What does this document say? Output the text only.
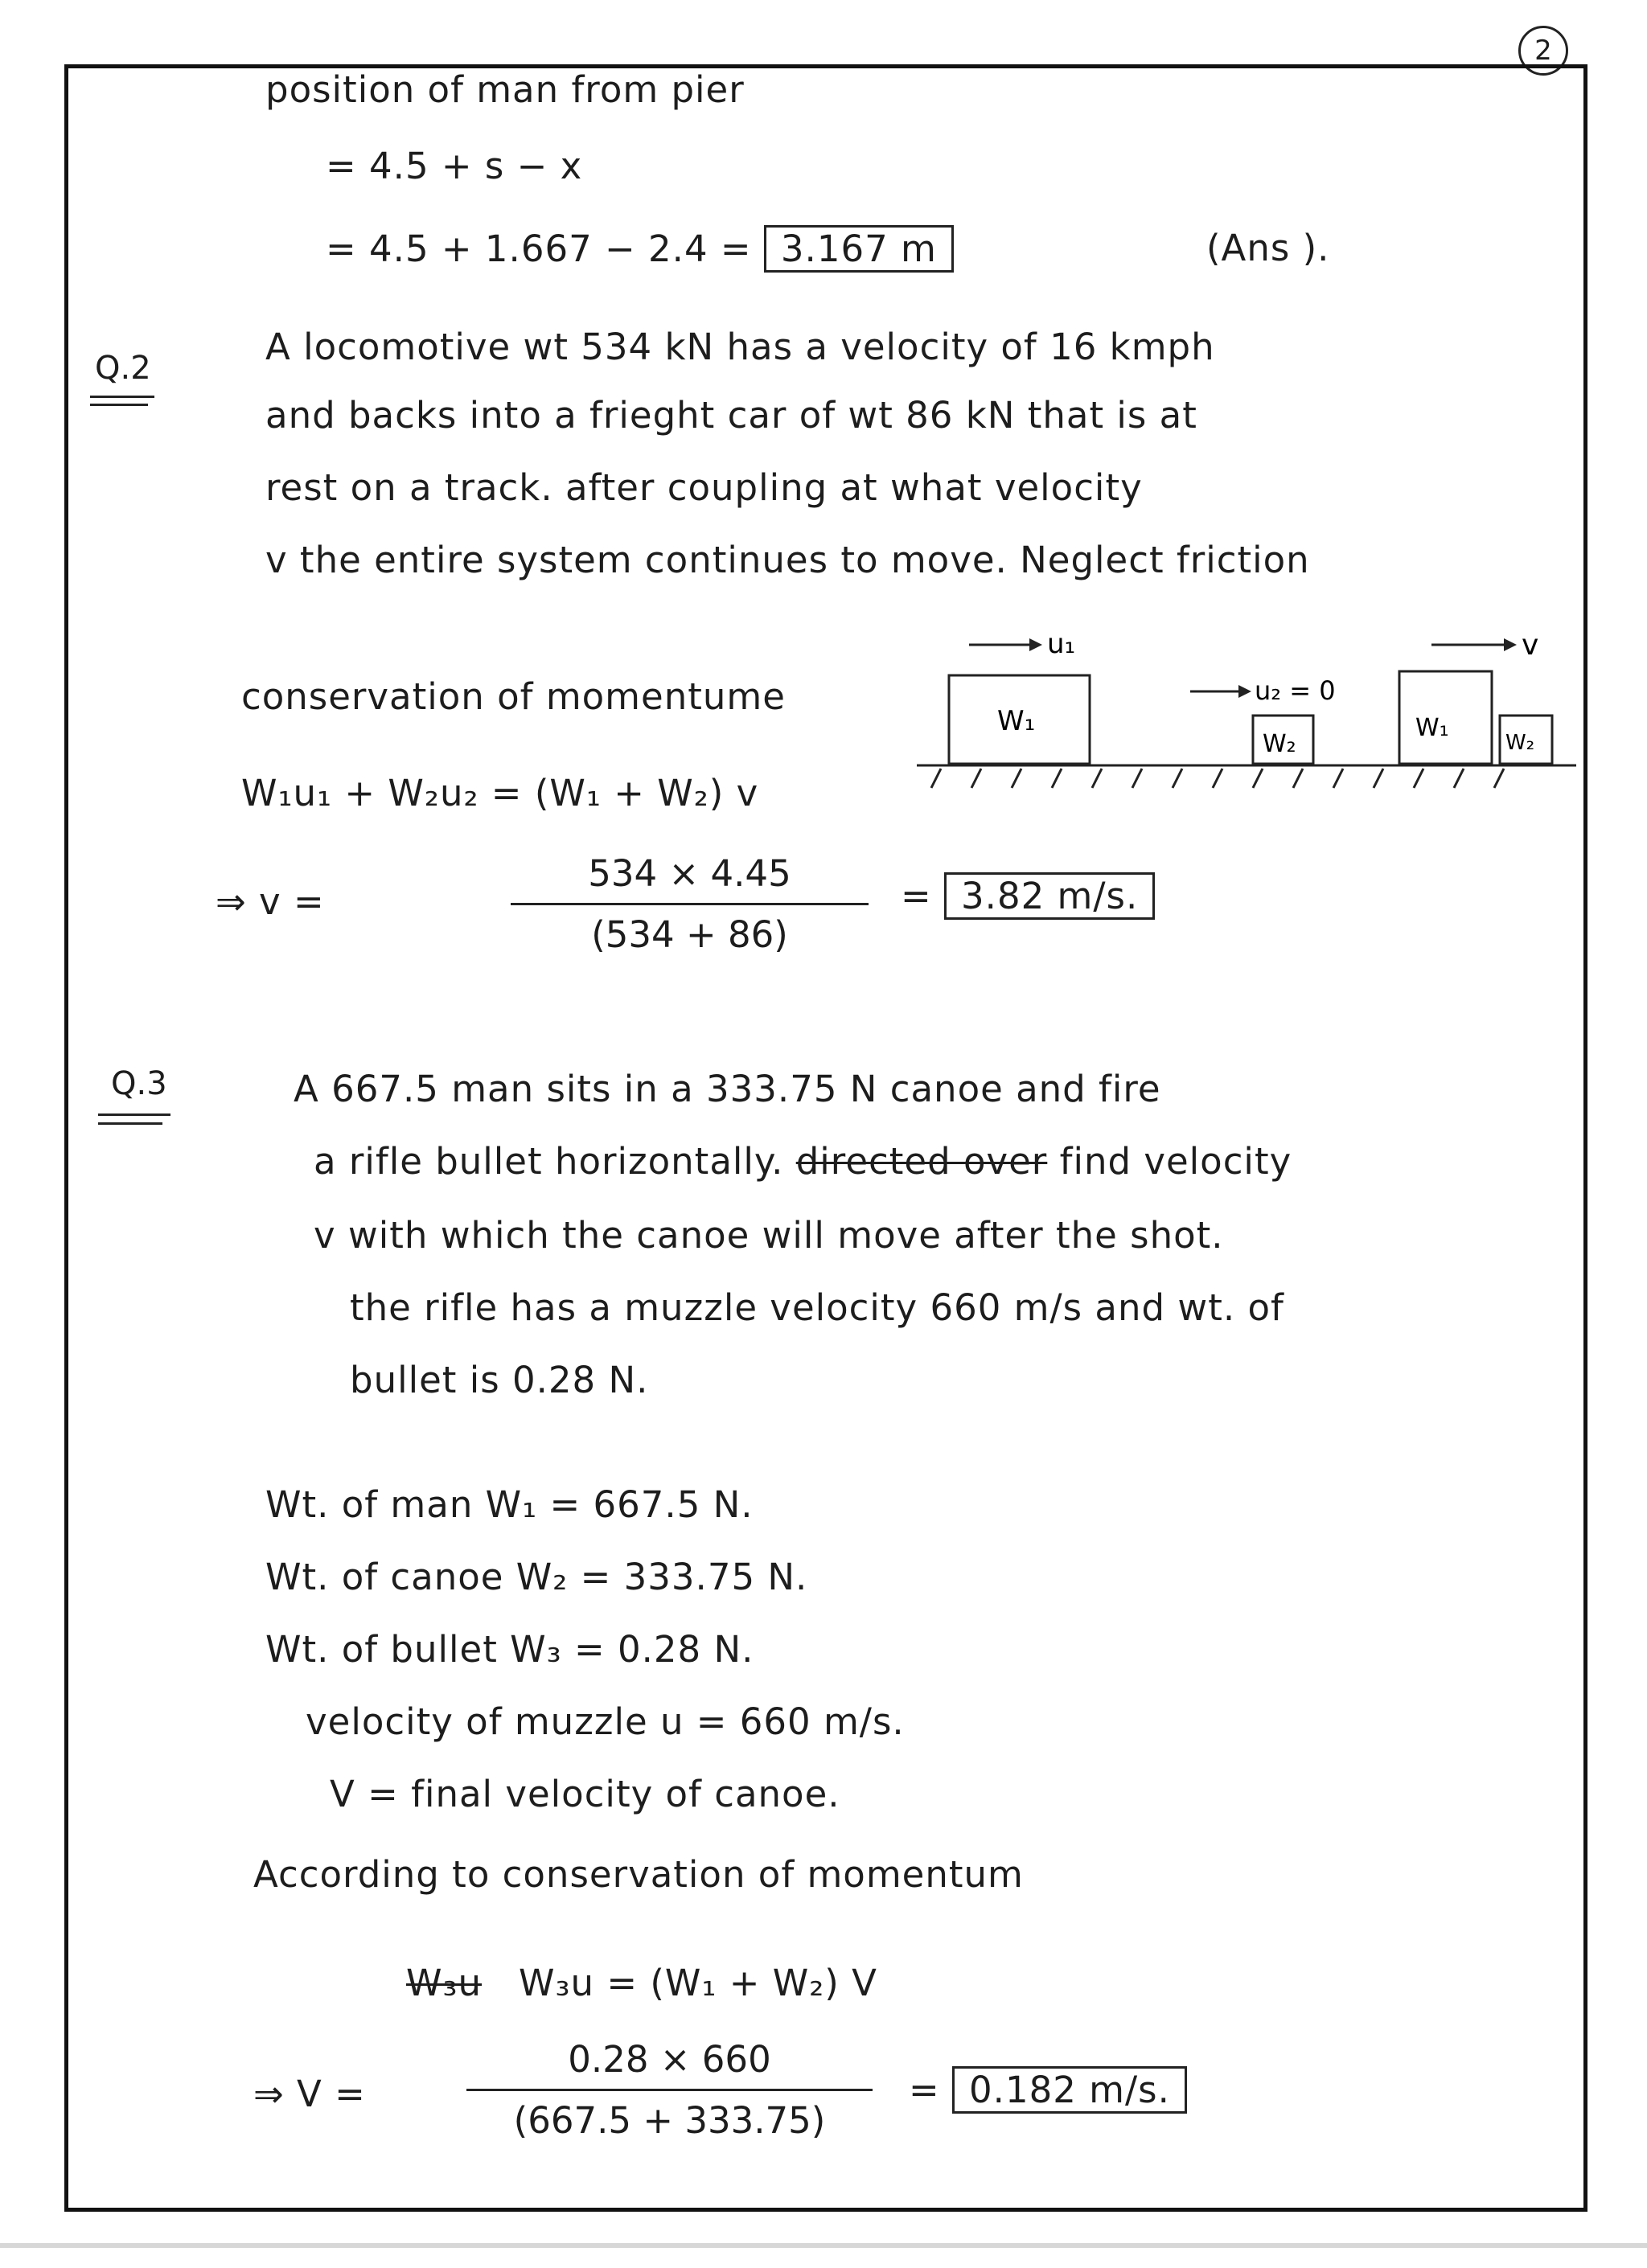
2
position of man from pier
= 4.5 + s − x
= 4.5 + 1.667 − 2.4 = 3.167 m	(Ans ).
Q.2	A locomotive wt 534 kN has a velocity of 16 kmph
and backs into a frieght car of wt 86 kN that is at
rest on a track. after coupling at what velocity
v the entire system continues to move. Neglect friction
conservation of momentume
W₁u₁ + W₂u₂ = (W₁ + W₂) v
u₁
u₂ = 0
v
W₁
W₂
W₁
W₂
⇒ v =
534 × 4.45
(534 + 86)
= 3.82 m/s.
Q.3	A 667.5 man sits in a 333.75 N canoe and fire
a rifle bullet horizontally. directed over find velocity
v with which the canoe will move after the shot.
the rifle has a muzzle velocity 660 m/s and wt. of
bullet is 0.28 N.
Wt. of man W₁ = 667.5 N.
Wt. of canoe W₂ = 333.75 N.
Wt. of bullet W₃ = 0.28 N.
velocity of muzzle u = 660 m/s.
V = final velocity of canoe.
According to conservation of momentum
W₃u W₃u = (W₁ + W₂) V
⇒ V =
0.28 × 660
(667.5 + 333.75)
= 0.182 m/s.
